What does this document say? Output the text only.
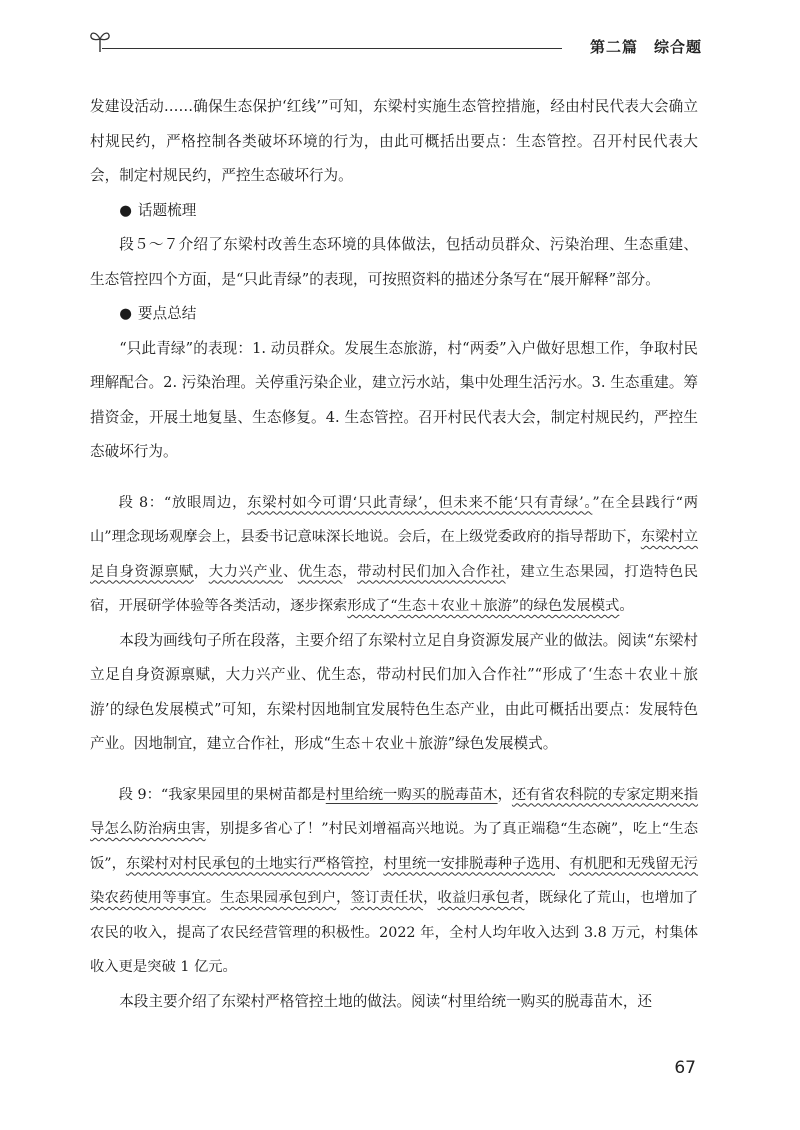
第二篇　综合题

发建设活动……确保生态保护‘红线’”可知，东梁村实施生态管控措施，经由村民代表大会确立村规民约，严格控制各类破坏环境的行为，由此可概括出要点：生态管控。召开村民代表大会，制定村规民约，严控生态破坏行为。

● 话题梳理

段５～７介绍了东梁村改善生态环境的具体做法，包括动员群众、污染治理、生态重建、生态管控四个方面，是“只此青绿”的表现，可按照资料的描述分条写在“展开解释”部分。

● 要点总结

“只此青绿”的表现：1. 动员群众。发展生态旅游，村“两委”入户做好思想工作，争取村民理解配合。2. 污染治理。关停重污染企业，建立污水站，集中处理生活污水。3. 生态重建。筹措资金，开展土地复垦、生态修复。4. 生态管控。召开村民代表大会，制定村规民约，严控生态破坏行为。

段 8：“放眼周边，东梁村如今可谓‘只此青绿’，但未来不能‘只有青绿’。”在全县践行“两山”理念现场观摩会上，县委书记意味深长地说。会后，在上级党委政府的指导帮助下，东梁村立足自身资源禀赋，大力兴产业、优生态，带动村民们加入合作社，建立生态果园，打造特色民宿，开展研学体验等各类活动，逐步探索形成了“生态＋农业＋旅游”的绿色发展模式。

本段为画线句子所在段落，主要介绍了东梁村立足自身资源发展产业的做法。阅读“东梁村立足自身资源禀赋，大力兴产业、优生态，带动村民们加入合作社”“形成了‘生态＋农业＋旅游’的绿色发展模式”可知，东梁村因地制宜发展特色生态产业，由此可概括出要点：发展特色产业。因地制宜，建立合作社，形成“生态＋农业＋旅游”绿色发展模式。

段 9：“我家果园里的果树苗都是村里给统一购买的脱毒苗木，还有省农科院的专家定期来指导怎么防治病虫害，别提多省心了！”村民刘增福高兴地说。为了真正端稳“生态碗”，吃上“生态饭”，东梁村对村民承包的土地实行严格管控，村里统一安排脱毒种子选用、有机肥和无残留无污染农药使用等事宜。生态果园承包到户，签订责任状，收益归承包者，既绿化了荒山，也增加了农民的收入，提高了农民经营管理的积极性。2022 年，全村人均年收入达到 3.8 万元，村集体收入更是突破 1 亿元。

本段主要介绍了东梁村严格管控土地的做法。阅读“村里给统一购买的脱毒苗木，还

67
